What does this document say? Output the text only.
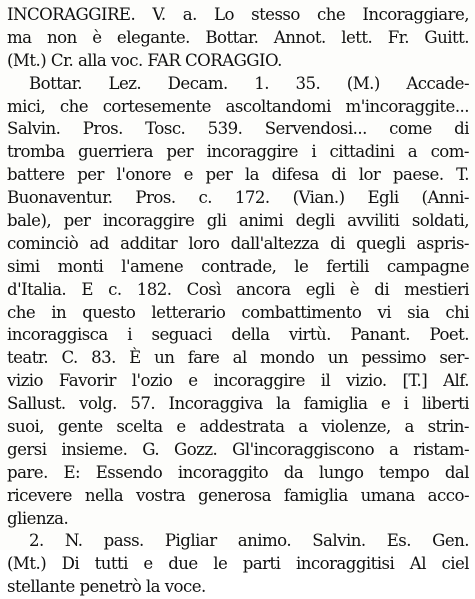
INCORAGGIRE. V. a. Lo stesso che Incoraggiare,
ma non è elegante. Bottar. Annot. lett. Fr. Guitt.
(Mt.) Cr. alla voc. FAR CORAGGIO.
Bottar. Lez. Decam. 1. 35. (M.) Accade-
mici, che cortesemente ascoltandomi m'incoraggite...
Salvin. Pros. Tosc. 539. Servendosi... come di
tromba guerriera per incoraggire i cittadini a com-
battere per l'onore e per la difesa di lor paese. T.
Buonaventur. Pros. c. 172. (Vian.) Egli (Anni-
bale), per incoraggire gli animi degli avviliti soldati,
cominciò ad additar loro dall'altezza di quegli aspris-
simi monti l'amene contrade, le fertili campagne
d'Italia. E c. 182. Così ancora egli è di mestieri
che in questo letterario combattimento vi sia chi
incoraggisca i seguaci della virtù. Panant. Poet.
teatr. C. 83. È un fare al mondo un pessimo ser-
vizio Favorir l'ozio e incoraggire il vizio. [T.] Alf.
Sallust. volg. 57. Incoraggiva la famiglia e i liberti
suoi, gente scelta e addestrata a violenze, a strin-
gersi insieme. G. Gozz. Gl'incoraggiscono a ristam-
pare. E: Essendo incoraggito da lungo tempo dal
ricevere nella vostra generosa famiglia umana acco-
glienza.
2. N. pass. Pigliar animo. Salvin. Es. Gen.
(Mt.) Di tutti e due le parti incoraggitisi Al ciel
stellante penetrò la voce.
